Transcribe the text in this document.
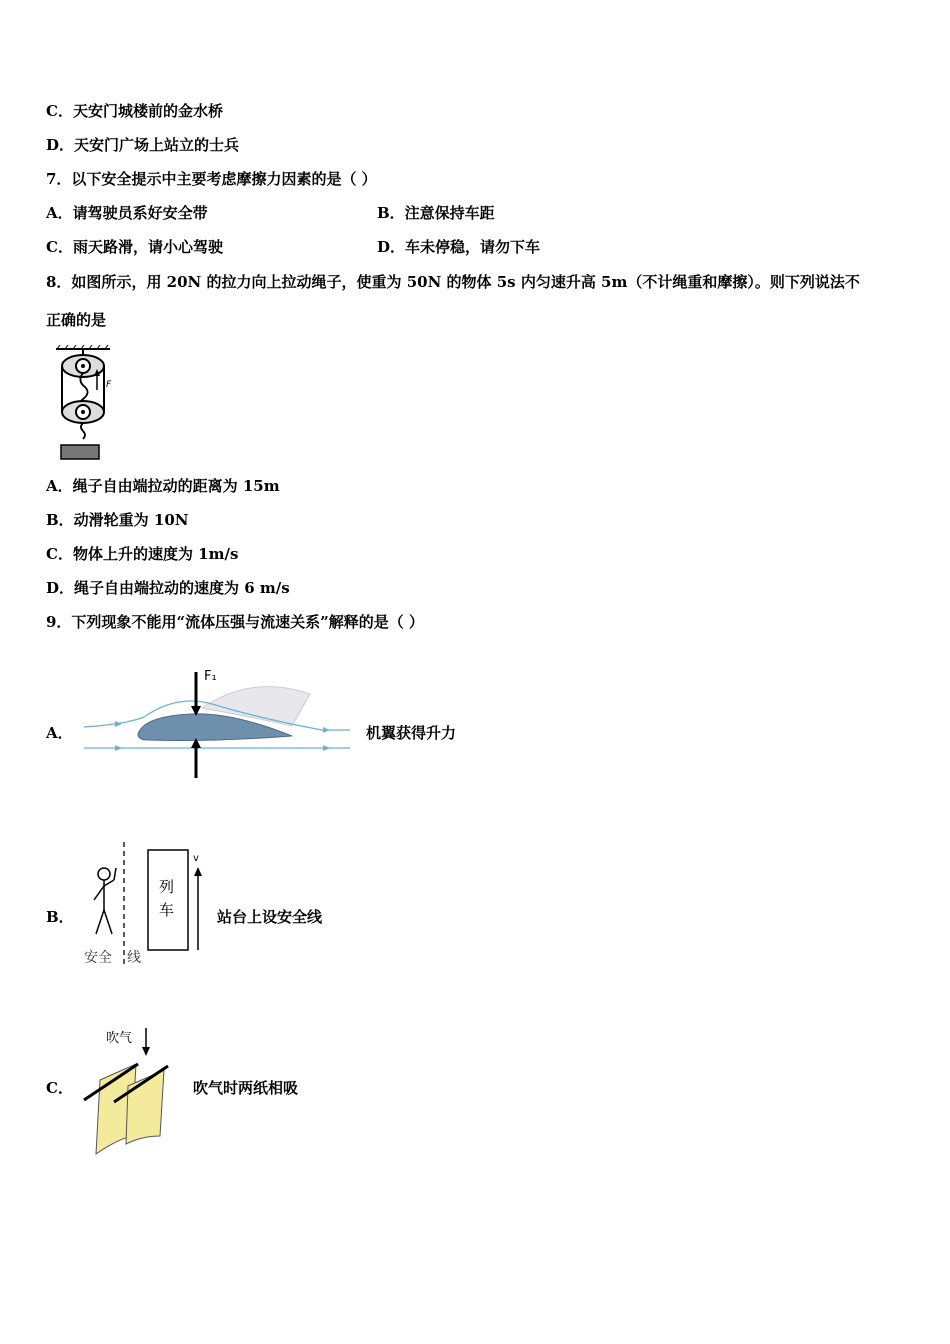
C．天安门城楼前的金水桥
D．天安门广场上站立的士兵
7．以下安全提示中主要考虑摩擦力因素的是（ ）
A．请驾驶员系好安全带	B．注意保持车距
C．雨天路滑，请小心驾驶	D．车未停稳，请勿下车
8．如图所示，用 20N 的拉力向上拉动绳子，使重为 50N 的物体 5s 内匀速升高 5m（不计绳重和摩擦）。则下列说法不
正确的是
F
A．绳子自由端拉动的距离为 15m
B．动滑轮重为 10N
C．物体上升的速度为 1m/s
D．绳子自由端拉动的速度为 6 m/s
9．下列现象不能用“流体压强与流速关系”解释的是（ ）
A．
F₁
机翼获得升力
B．
列
车
v
安全 线
站台上设安全线
C．
吹气
吹气时两纸相吸
